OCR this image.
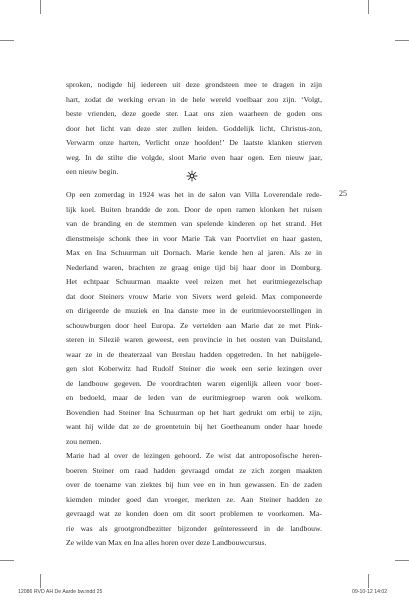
sproken, nodigde hij iedereen uit deze grondsteen mee te dragen in zijn
hart, zodat de werking ervan in de hele wereld voelbaar zou zijn. ‘Volgt,
beste vrienden, deze goede ster. Laat ons zien waarheen de goden ons
door het licht van deze ster zullen leiden. Goddelijk licht, Christus-zon,
Verwarm onze harten, Verlicht onze hoofden!’ De laatste klanken stierven
weg. In de stilte die volgde, sloot Marie even haar ogen. Een nieuw jaar,
een nieuw begin.
25
Op een zomerdag in 1924 was het in de salon van Villa Loverendale rede-
lijk koel. Buiten brandde de zon. Door de open ramen klonken het ruisen
van de branding en de stemmen van spelende kinderen op het strand. Het
dienstmeisje schonk thee in voor Marie Tak van Poortvliet en haar gasten,
Max en Ina Schuurman uit Dornach. Marie kende hen al jaren. Als ze in
Nederland waren, brachten ze graag enige tijd bij haar door in Domburg.
Het echtpaar Schuurman maakte veel reizen met het euritmiegezelschap
dat door Steiners vrouw Marie von Sivers werd geleid. Max componeerde
en dirigeerde de muziek en Ina danste mee in de euritmievoorstellingen in
schouwburgen door heel Europa. Ze vertelden aan Marie dat ze met Pink-
steren in Silezië waren geweest, een provincie in het oosten van Duitsland,
waar ze in de theaterzaal van Breslau hadden opgetreden. In het nabijgele-
gen slot Koberwitz had Rudolf Steiner die week een serie lezingen over
de landbouw gegeven. De voordrachten waren eigenlijk alleen voor boer-
en bedoeld, maar de leden van de euritmiegroep waren ook welkom.
Bovendien had Steiner Ina Schuurman op het hart gedrukt om erbij te zijn,
want hij wilde dat ze de groentetuin bij het Goetheanum onder haar hoede
zou nemen.
Marie had al over de lezingen gehoord. Ze wist dat antroposofische heren-
boeren Steiner om raad hadden gevraagd omdat ze zich zorgen maakten
over de toename van ziektes bij hun vee en in hun gewassen. En de zaden
kiemden minder goed dan vroeger, merkten ze. Aan Steiner hadden ze
gevraagd wat ze konden doen om dit soort problemen te voorkomen. Ma-
rie was als grootgrondbezitter bijzonder geïnteresseerd in de landbouw.
Ze wilde van Max en Ina alles horen over deze Landbouwcursus.
12086 RVD AH De Aarde bw.indd 25	09-10-12 14:02
